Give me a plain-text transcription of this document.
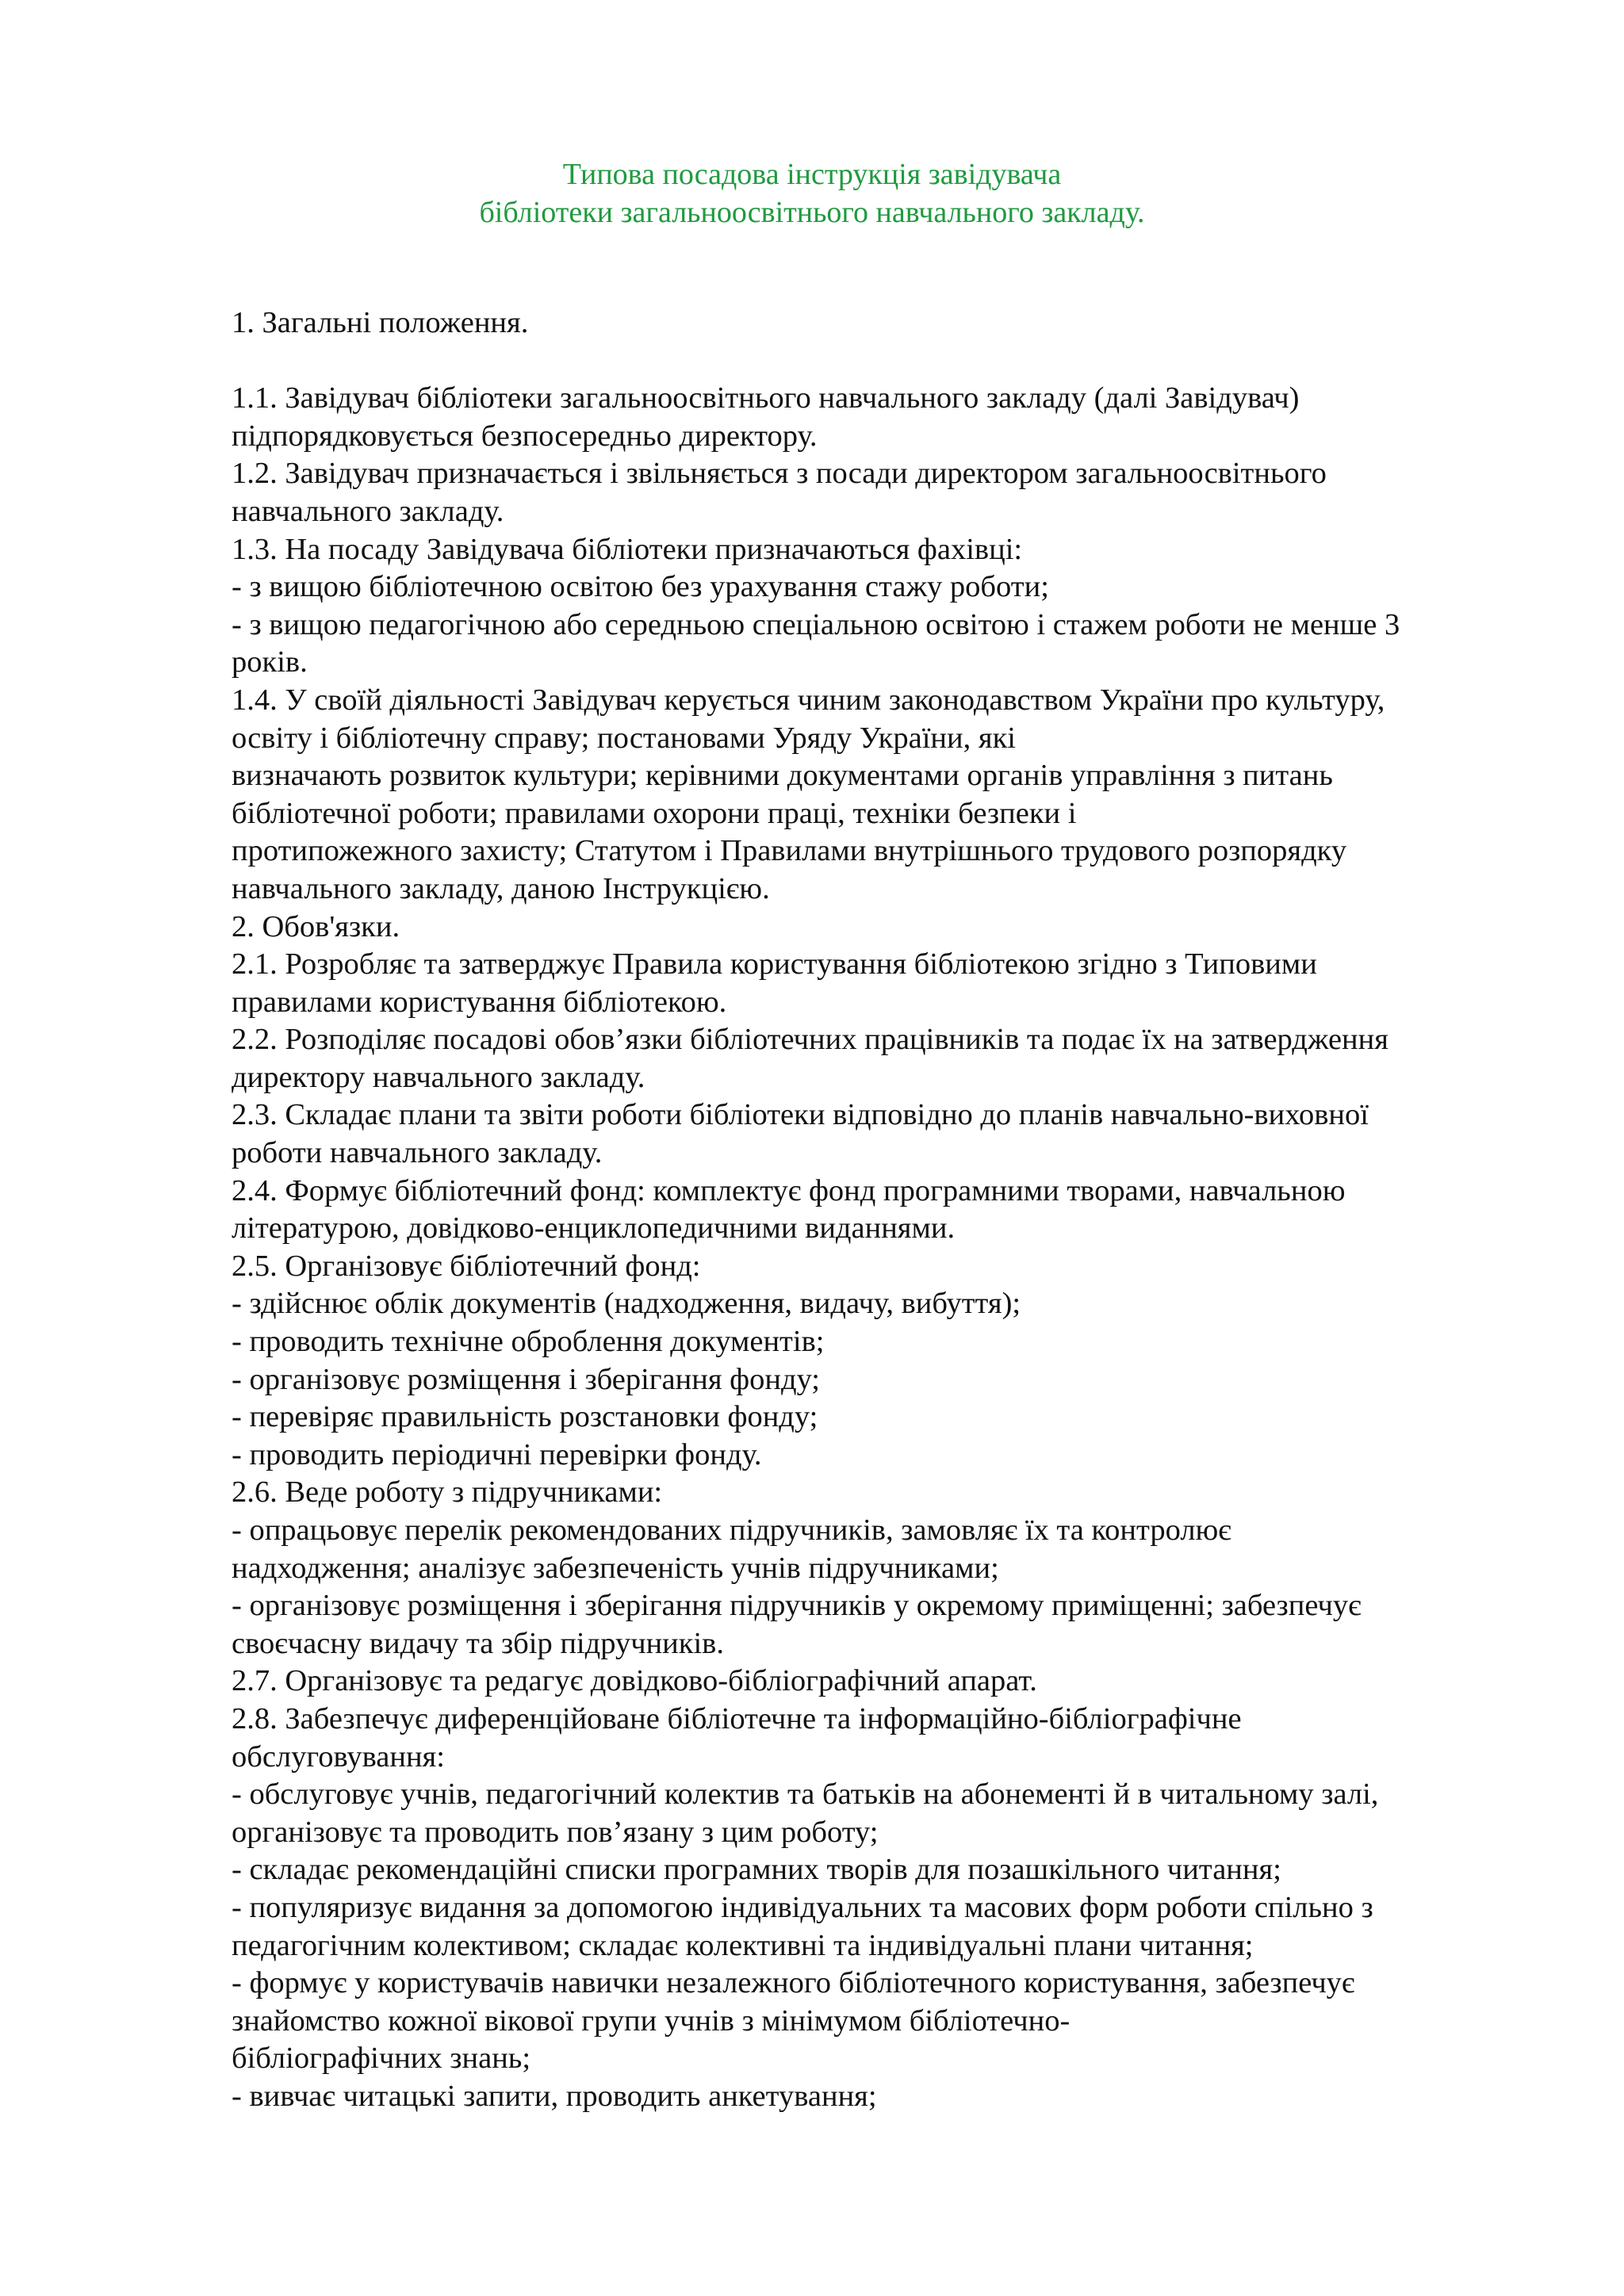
Типова посадова інструкція завідувача
бібліотеки загальноосвітнього навчального закладу.
1. Загальні положення.
1.1. Завідувач бібліотеки загальноосвітнього навчального закладу (далі Завідувач)
підпорядковується безпосередньо директору.
1.2. Завідувач призначається і звільняється з посади директором загальноосвітнього
навчального закладу.
1.3. На посаду Завідувача бібліотеки призначаються фахівці:
- з вищою бібліотечною освітою без урахування стажу роботи;
- з вищою педагогічною або середньою спеціальною освітою і стажем роботи не менше 3
років.
1.4. У своїй діяльності Завідувач керується чиним законодавством України про культуру,
освіту і бібліотечну справу; постановами Уряду України, які
визначають розвиток культури; керівними документами органів управління з питань
бібліотечної роботи; правилами охорони праці, техніки безпеки і
протипожежного захисту; Статутом і Правилами внутрішнього трудового розпорядку
навчального закладу, даною Інструкцією.
2. Обов'язки.
2.1. Розробляє та затверджує Правила користування бібліотекою згідно з Типовими
правилами користування бібліотекою.
2.2. Розподіляє посадові обов’язки бібліотечних працівників та подає їх на затвердження
директору навчального закладу.
2.3. Складає плани та звіти роботи бібліотеки відповідно до планів навчально-виховної
роботи навчального закладу.
2.4. Формує бібліотечний фонд: комплектує фонд програмними творами, навчальною
літературою, довідково-енциклопедичними виданнями.
2.5. Організовує бібліотечний фонд:
- здійснює облік документів (надходження, видачу, вибуття);
- проводить технічне оброблення документів;
- організовує розміщення і зберігання фонду;
- перевіряє правильність розстановки фонду;
- проводить періодичні перевірки фонду.
2.6. Веде роботу з підручниками:
- опрацьовує перелік рекомендованих підручників, замовляє їх та контролює
надходження; аналізує забезпеченість учнів підручниками;
- організовує розміщення і зберігання підручників у окремому приміщенні; забезпечує
своєчасну видачу та збір підручників.
2.7. Організовує та редагує довідково-бібліографічний апарат.
2.8. Забезпечує диференційоване бібліотечне та інформаційно-бібліографічне
обслуговування:
- обслуговує учнів, педагогічний колектив та батьків на абонементі й в читальному залі,
організовує та проводить пов’язану з цим роботу;
- складає рекомендаційні списки програмних творів для позашкільного читання;
- популяризує видання за допомогою індивідуальних та масових форм роботи спільно з
педагогічним колективом; складає колективні та індивідуальні плани читання;
- формує у користувачів навички незалежного бібліотечного користування, забезпечує
знайомство кожної вікової групи учнів з мінімумом бібліотечно-
бібліографічних знань;
- вивчає читацькі запити, проводить анкетування;
